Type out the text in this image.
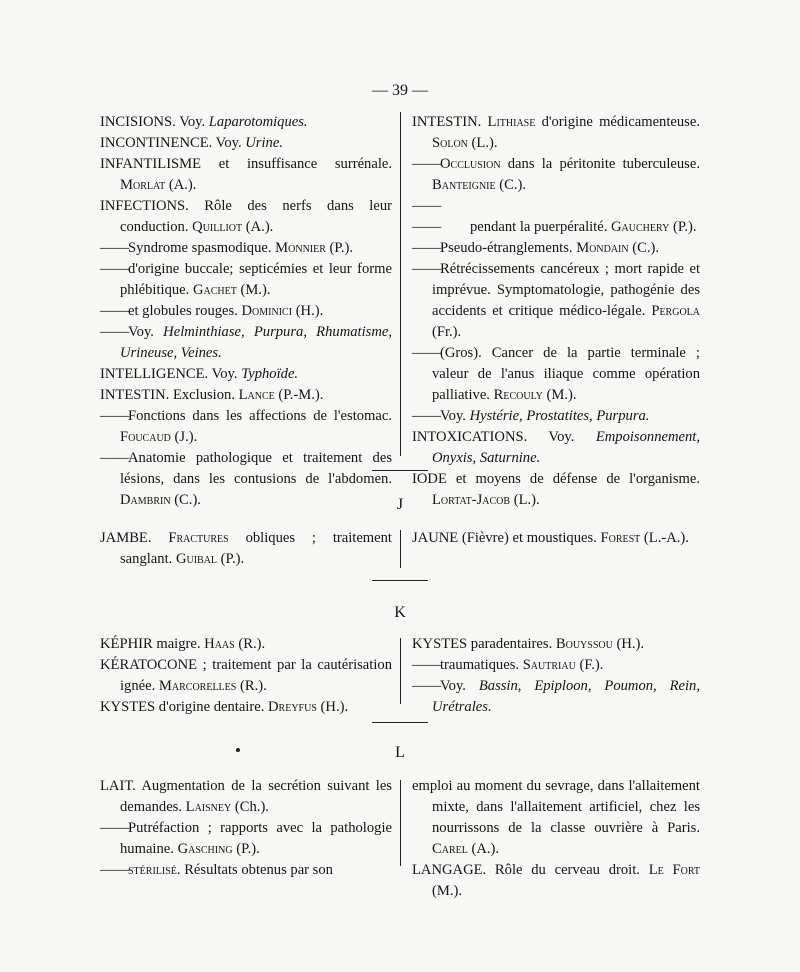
— 39 —

INCISIONS. Voy. Laparotomiques.

INCONTINENCE. Voy. Urine.

INFANTILISME et insuffisance surrénale. Morlat (A.).

INFECTIONS. Rôle des nerfs dans leur conduction. Quilliot (A.).

——Syndrome spasmodique. Monnier (P.).

——d'origine buccale; septicémies et leur forme phlébitique. Gachet (M.).

——et globules rouges. Dominici (H.).

——Voy. Helminthiase, Purpura, Rhumatisme, Urineuse, Veines.

INTELLIGENCE. Voy. Typhoïde.

INTESTIN. Exclusion. Lance (P.-M.).

——Fonctions dans les affections de l'estomac. Foucaud (J.).

——Anatomie pathologique et traitement des lésions, dans les contusions de l'abdomen. Dambrin (C.).

INTESTIN. Lithiase d'origine médicamenteuse. Solon (L.).

——Occlusion dans la péritonite tuberculeuse. Banteignie (C.).

—— —— pendant la puerpéralité. Gauchery (P.).

——Pseudo-étranglements. Mondain (C.).

——Rétrécissements cancéreux ; mort rapide et imprévue. Symptomatologie, pathogénie des accidents et critique médico-légale. Pergola (Fr.).

——(Gros). Cancer de la partie terminale ; valeur de l'anus iliaque comme opération palliative. Recouly (M.).

——Voy. Hystérie, Prostatites, Purpura.

INTOXICATIONS. Voy. Empoisonnement, Onyxis, Saturnine.

IODE et moyens de défense de l'organisme. Lortat-Jacob (L.).

J

JAMBE. Fractures obliques ; traitement sanglant. Guibal (P.).

JAUNE (Fièvre) et moustiques. Forest (L.-A.).

K

KÉPHIR maigre. Haas (R.).

KÉRATOCONE ; traitement par la cautérisation ignée. Marcorelles (R.).

KYSTES d'origine dentaire. Dreyfus (H.).

KYSTES paradentaires. Bouyssou (H.).

——traumatiques. Sautriau (F.).

——Voy. Bassin, Epiploon, Poumon, Rein, Urétrales.

L

LAIT. Augmentation de la secrétion suivant les demandes. Laisney (Ch.).

——Putréfaction ; rapports avec la pathologie humaine. Gasching (P.).

——stérilisé. Résultats obtenus par son

emploi au moment du sevrage, dans l'allaitement mixte, dans l'allaitement artificiel, chez les nourrissons de la classe ouvrière à Paris. Carel (A.).

LANGAGE. Rôle du cerveau droit. Le Fort (M.).
